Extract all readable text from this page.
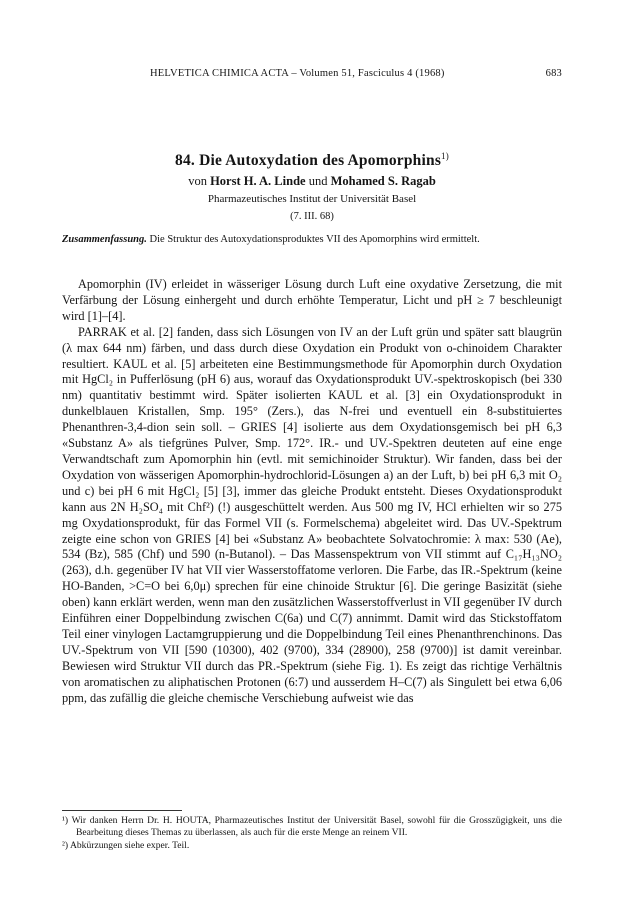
HELVETICA CHIMICA ACTA – Volumen 51, Fasciculus 4 (1968)	683
84. Die Autoxydation des Apomorphins$^{1)}$
von Horst H. A. Linde und Mohamed S. Ragab
Pharmazeutisches Institut der Universität Basel
(7. III. 68)
Zusammenfassung. Die Struktur des Autoxydationsproduktes VII des Apomorphins wird ermittelt.

Apomorphin (IV) erleidet in wässeriger Lösung durch Luft eine oxydative Zersetzung, die mit Verfärbung der Lösung einhergeht und durch erhöhte Temperatur, Licht und pH ≥ 7 beschleunigt wird [1]–[4].

PARRAK et al. [2] fanden, dass sich Lösungen von IV an der Luft grün und später satt blaugrün (λ max 644 nm) färben, und dass durch diese Oxydation ein Produkt von o-chinoidem Charakter resultiert. KAUL et al. [5] arbeiteten eine Bestimmungsmethode für Apomorphin durch Oxydation mit HgCl₂ in Pufferlösung (pH 6) aus, worauf das Oxydationsprodukt UV.-spektroskopisch (bei 330 nm) quantitativ bestimmt wird. Später isolierten KAUL et al. [3] ein Oxydationsprodukt in dunkelblauen Kristallen, Smp. 195° (Zers.), das N-frei und eventuell ein 8-substituiertes Phenanthren-3,4-dion sein soll. – GRIES [4] isolierte aus dem Oxydationsgemisch bei pH 6,3 «Substanz A» als tiefgrünes Pulver, Smp. 172°. IR.- und UV.-Spektren deuteten auf eine enge Verwandtschaft zum Apomorphin hin (evtl. mit semichinoider Struktur). Wir fanden, dass bei der Oxydation von wässerigen Apomorphin-hydrochlorid-Lösungen a) an der Luft, b) bei pH 6,3 mit O₂ und c) bei pH 6 mit HgCl₂ [5] [3], immer das gleiche Produkt entsteht. Dieses Oxydationsprodukt kann aus 2N H₂SO₄ mit Chf²) (!) ausgeschüttelt werden. Aus 500 mg IV, HCl erhielten wir so 275 mg Oxydationsprodukt, für das Formel VII (s. Formelschema) abgeleitet wird. Das UV.-Spektrum zeigte eine schon von GRIES [4] bei «Substanz A» beobachtete Solvatochromie: λ max: 530 (Ae), 534 (Bz), 585 (Chf) und 590 (n-Butanol). – Das Massenspektrum von VII stimmt auf C₁₇H₁₃NO₂ (263), d.h. gegenüber IV hat VII vier Wasserstoffatome verloren. Die Farbe, das IR.-Spektrum (keine HO-Banden, >C=O bei 6,0μ) sprechen für eine chinoide Struktur [6]. Die geringe Basizität (siehe oben) kann erklärt werden, wenn man den zusätzlichen Wasserstoffverlust in VII gegenüber IV durch Einführen einer Doppelbindung zwischen C(6a) und C(7) annimmt. Damit wird das Stickstoffatom Teil einer vinylogen Lactamgruppierung und die Doppelbindung Teil eines Phenanthrenchinons. Das UV.-Spektrum von VII [590 (10300), 402 (9700), 334 (28900), 258 (9700)] ist damit vereinbar. Bewiesen wird Struktur VII durch das PR.-Spektrum (siehe Fig. 1). Es zeigt das richtige Verhältnis von aromatischen zu aliphatischen Protonen (6:7) und ausserdem H–C(7) als Singulett bei etwa 6,06 ppm, das zufällig die gleiche chemische Verschiebung aufweist wie das

¹) Wir danken Herrn Dr. H. HOUTA, Pharmazeutisches Institut der Universität Basel, sowohl für die Grosszügigkeit, uns die Bearbeitung dieses Themas zu überlassen, als auch für die erste Menge an reinem VII.

²) Abkürzungen siehe exper. Teil.
